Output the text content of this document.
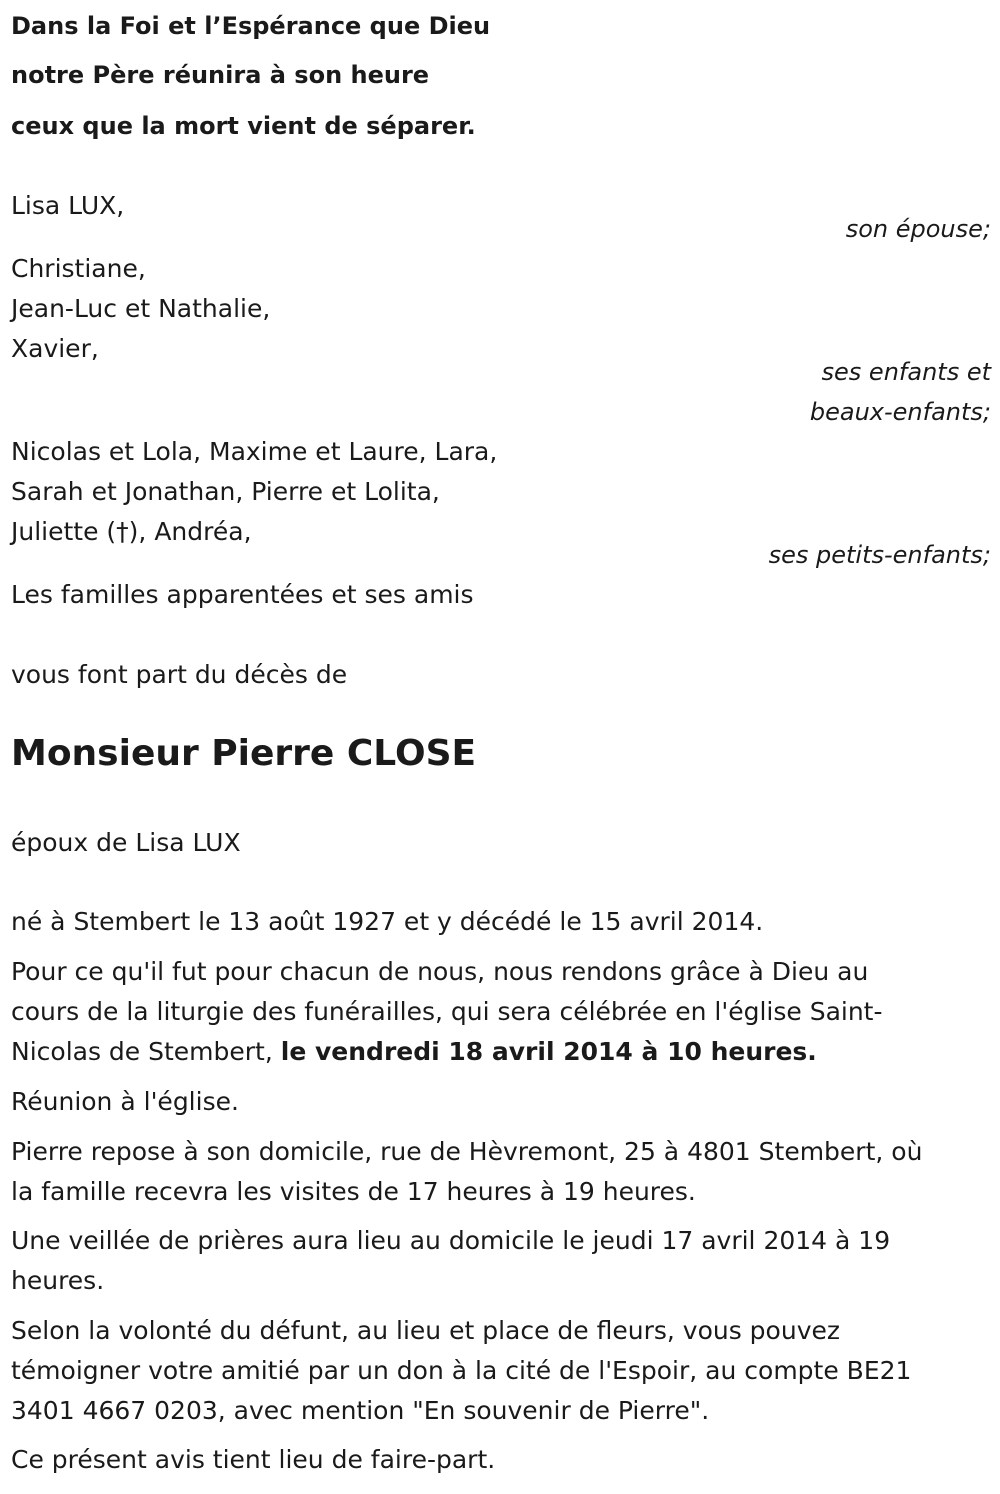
Dans la Foi et l’Espérance que Dieu
notre Père réunira à son heure
ceux que la mort vient de séparer.
Lisa LUX,
son épouse;
Christiane,
Jean-Luc et Nathalie,
Xavier,
ses enfants et
beaux-enfants;
Nicolas et Lola, Maxime et Laure, Lara,
Sarah et Jonathan, Pierre et Lolita,
Juliette (†), Andréa,
ses petits-enfants;
Les familles apparentées et ses amis
vous font part du décès de
Monsieur Pierre CLOSE
époux de Lisa LUX
né à Stembert le 13 août 1927 et y décédé le 15 avril 2014.
Pour ce qu'il fut pour chacun de nous, nous rendons grâce à Dieu au
cours de la liturgie des funérailles, qui sera célébrée en l'église Saint-
Nicolas de Stembert, le vendredi 18 avril 2014 à 10 heures.
Réunion à l'église.
Pierre repose à son domicile, rue de Hèvremont, 25 à 4801 Stembert, où
la famille recevra les visites de 17 heures à 19 heures.
Une veillée de prières aura lieu au domicile le jeudi 17 avril 2014 à 19
heures.
Selon la volonté du défunt, au lieu et place de fleurs, vous pouvez
témoigner votre amitié par un don à la cité de l'Espoir, au compte BE21
3401 4667 0203, avec mention "En souvenir de Pierre".
Ce présent avis tient lieu de faire-part.
